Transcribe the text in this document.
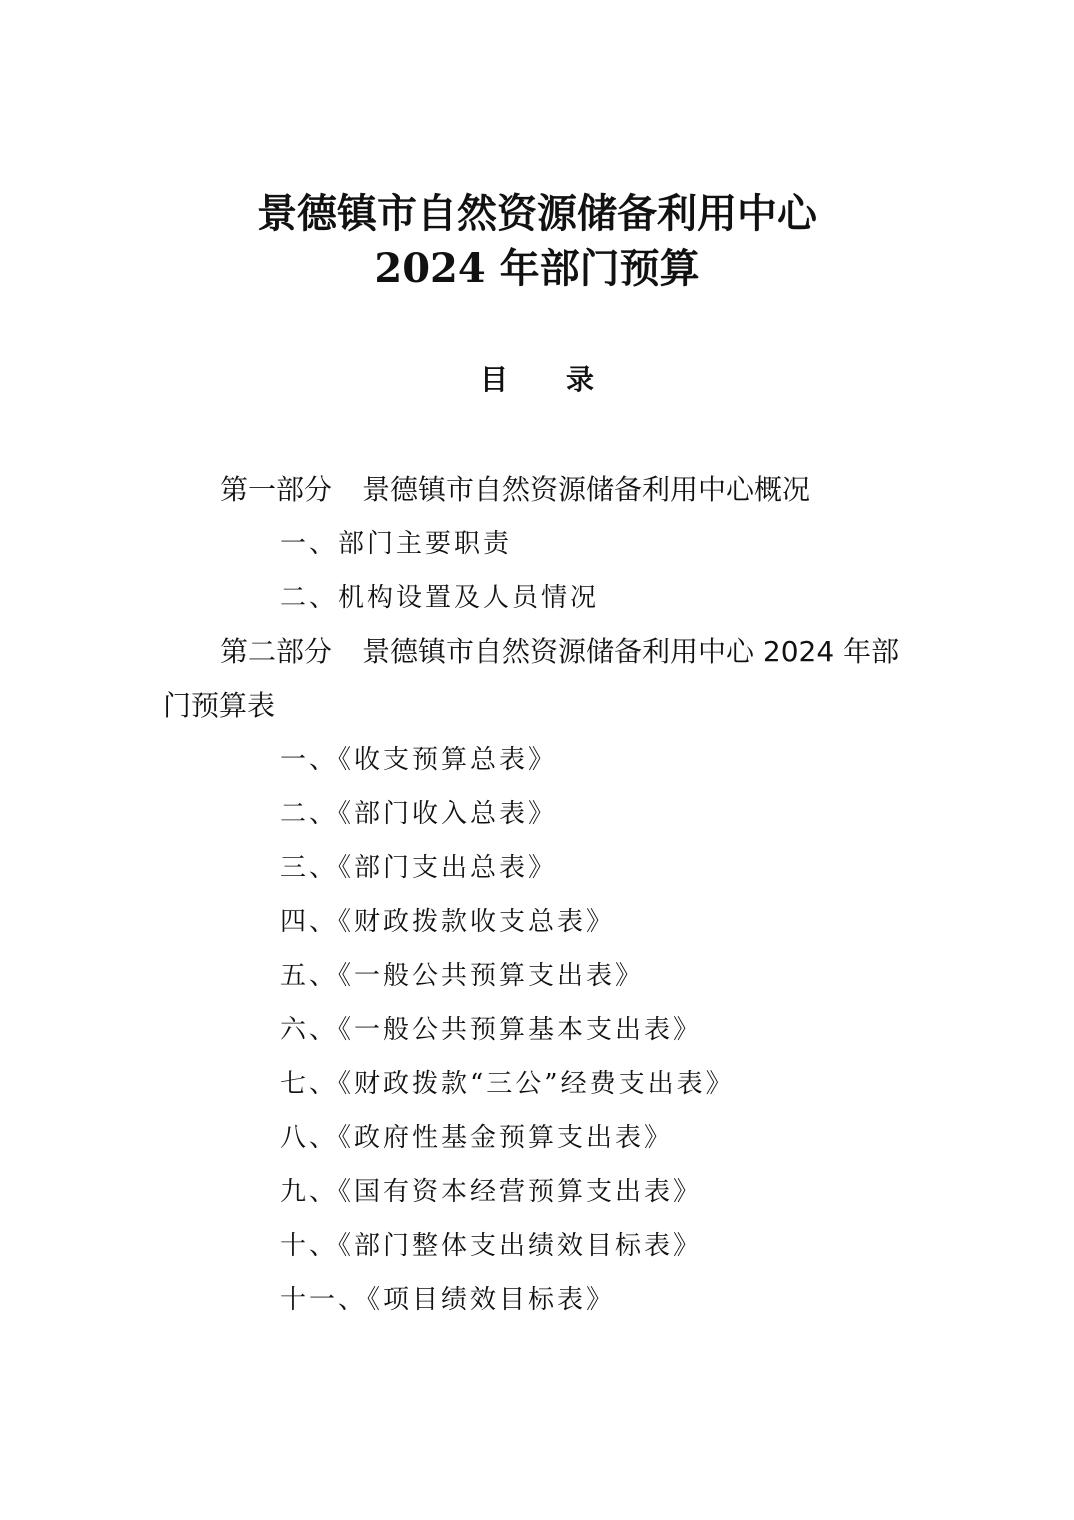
景德镇市自然资源储备利用中心
2024 年部门预算
目录
第一部分 景德镇市自然资源储备利用中心概况
一、部门主要职责
二、机构设置及人员情况
第二部分 景德镇市自然资源储备利用中心 2024 年部
门预算表
一、《收支预算总表》
二、《部门收入总表》
三、《部门支出总表》
四、《财政拨款收支总表》
五、《一般公共预算支出表》
六、《一般公共预算基本支出表》
七、《财政拨款“三公”经费支出表》
八、《政府性基金预算支出表》
九、《国有资本经营预算支出表》
十、《部门整体支出绩效目标表》
十一、《项目绩效目标表》
